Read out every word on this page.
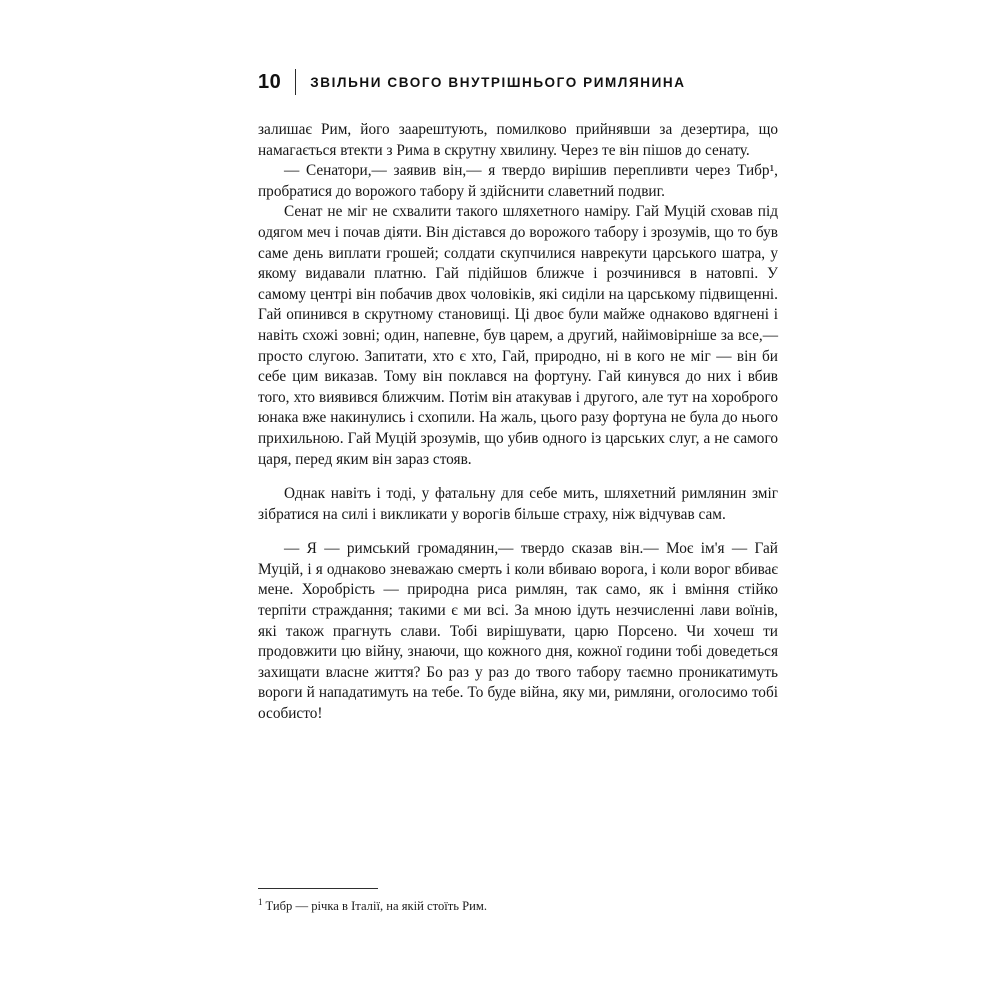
10 ЗВІЛЬНИ СВОГО ВНУТРІШНЬОГО РИМЛЯНИНА

залишає Рим, його заарештують, помилково прийнявши за дезертира, що намагається втекти з Рима в скрутну хвилину. Через те він пішов до сенату.

— Сенатори,— заявив він,— я твердо вирішив перепливти через Тибр¹, пробратися до ворожого табору й здійснити славетний подвиг.

Сенат не міг не схвалити такого шляхетного наміру. Гай Муцій сховав під одягом меч і почав діяти. Він дістався до ворожого табору і зрозумів, що то був саме день виплати грошей; солдати скупчилися наврекути царського шатра, у якому видавали платню. Гай підійшов ближче і розчинився в натовпі. У самому центрі він побачив двох чоловіків, які сиділи на царському підвищенні. Гай опинився в скрутному становищі. Ці двоє були майже однаково вдягнені і навіть схожі зовні; один, напевне, був царем, а другий, найімовірніше за все,— просто слугою. Запитати, хто є хто, Гай, природно, ні в кого не міг — він би себе цим виказав. Тому він поклався на фортуну. Гай кинувся до них і вбив того, хто виявився ближчим. Потім він атакував і другого, але тут на хороброго юнака вже накинулись і схопили. На жаль, цього разу фортуна не була до нього прихильною. Гай Муцій зрозумів, що убив одного із царських слуг, а не самого царя, перед яким він зараз стояв.

Однак навіть і тоді, у фатальну для себе мить, шляхетний римлянин зміг зібратися на силі і викликати у ворогів більше страху, ніж відчував сам.

— Я — римський громадянин,— твердо сказав він.— Моє ім'я — Гай Муцій, і я однаково зневажаю смерть і коли вбиваю ворога, і коли ворог вбиває мене. Хоробрість — природна риса римлян, так само, як і вміння стійко терпіти страждання; такими є ми всі. За мною ідуть незчисленні лави воїнів, які також прагнуть слави. Тобі вирішувати, царю Порсено. Чи хочеш ти продовжити цю війну, знаючи, що кожного дня, кожної години тобі доведеться захищати власне життя? Бо раз у раз до твого табору таємно проникатимуть вороги й нападатимуть на тебе. То буде війна, яку ми, римляни, оголосимо тобі особисто!

$^1$ Тибр — річка в Італії, на якій стоїть Рим.
